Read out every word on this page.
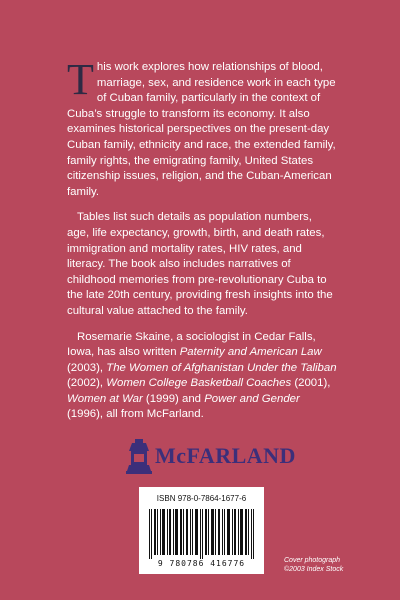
This work explores how relationships of blood, marriage, sex, and residence work in each type of Cuban family, particularly in the context of Cuba’s struggle to transform its economy. It also examines historical perspectives on the present-day Cuban family, ethnicity and race, the extended family, family rights, the emigrating family, United States citizenship issues, religion, and the Cuban-American family.

Tables list such details as population numbers, age, life expectancy, growth, birth, and death rates, immigration and mortality rates, HIV rates, and literacy. The book also includes narratives of childhood memories from pre-revolutionary Cuba to the late 20th century, providing fresh insights into the cultural value attached to the family.

Rosemarie Skaine, a sociologist in Cedar Falls, Iowa, has also written Paternity and American Law (2003), The Women of Afghanistan Under the Taliban (2002), Women College Basketball Coaches (2001), Women at War (1999) and Power and Gender (1996), all from McFarland.

McFARLAND
ISBN 978-0-7864-1677-6
9 780786 416776	Cover photograph
©2003 Index Stock
